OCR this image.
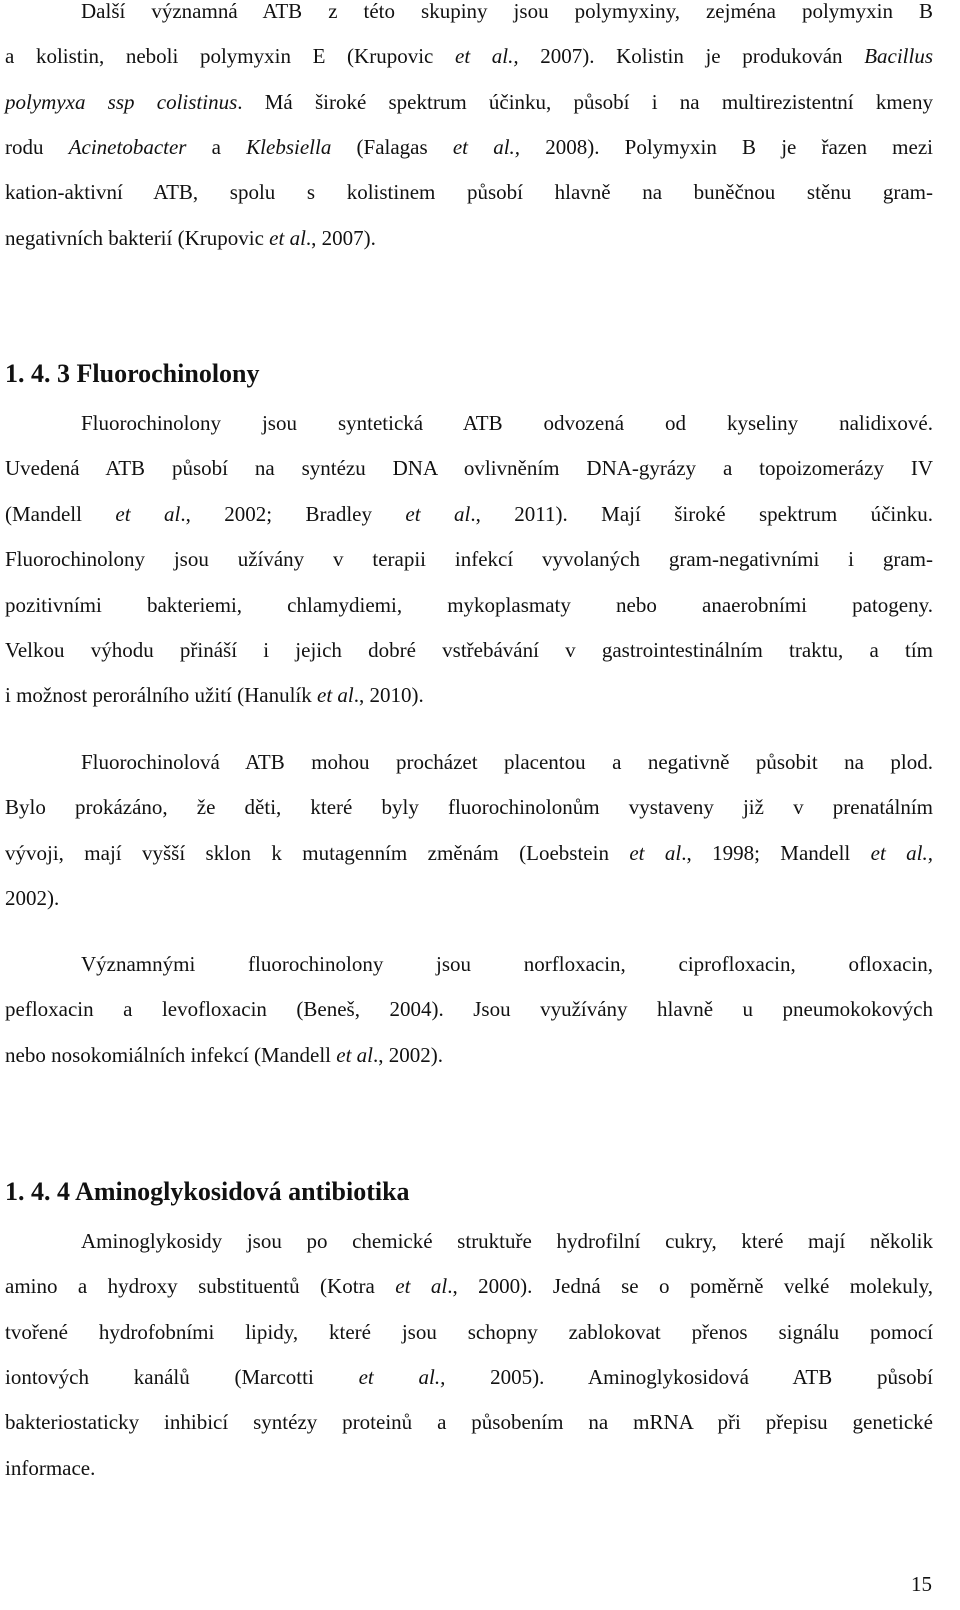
Další významná ATB z této skupiny jsou polymyxiny, zejména polymyxin B
a kolistin, neboli polymyxin E (Krupovic et al., 2007). Kolistin je produkován Bacillus
polymyxa ssp colistinus. Má široké spektrum účinku, působí i na multirezistentní kmeny
rodu Acinetobacter a Klebsiella (Falagas et al., 2008). Polymyxin B je řazen mezi
kation-aktivní ATB, spolu s kolistinem působí hlavně na buněčnou stěnu gram-
negativních bakterií (Krupovic et al., 2007).
1. 4. 3 Fluorochinolony
Fluorochinolony jsou syntetická ATB odvozená od kyseliny nalidixové.
Uvedená ATB působí na syntézu DNA ovlivněním DNA-gyrázy a topoizomerázy IV
(Mandell et al., 2002; Bradley et al., 2011). Mají široké spektrum účinku.
Fluorochinolony jsou užívány v terapii infekcí vyvolaných gram-negativními i gram-
pozitivními bakteriemi, chlamydiemi, mykoplasmaty nebo anaerobními patogeny.
Velkou výhodu přináší i jejich dobré vstřebávání v gastrointestinálním traktu, a tím
i možnost perorálního užití (Hanulík et al., 2010).
Fluorochinolová ATB mohou procházet placentou a negativně působit na plod.
Bylo prokázáno, že děti, které byly fluorochinolonům vystaveny již v prenatálním
vývoji, mají vyšší sklon k mutagenním změnám (Loebstein et al., 1998; Mandell et al.,
2002).
Významnými fluorochinolony jsou norfloxacin, ciprofloxacin, ofloxacin,
pefloxacin a levofloxacin (Beneš, 2004). Jsou využívány hlavně u pneumokokových
nebo nosokomiálních infekcí (Mandell et al., 2002).
1. 4. 4 Aminoglykosidová antibiotika
Aminoglykosidy jsou po chemické struktuře hydrofilní cukry, které mají několik
amino a hydroxy substituentů (Kotra et al., 2000). Jedná se o poměrně velké molekuly,
tvořené hydrofobními lipidy, které jsou schopny zablokovat přenos signálu pomocí
iontových kanálů (Marcotti et al., 2005). Aminoglykosidová ATB působí
bakteriostaticky inhibicí syntézy proteinů a působením na mRNA při přepisu genetické
informace.
15
